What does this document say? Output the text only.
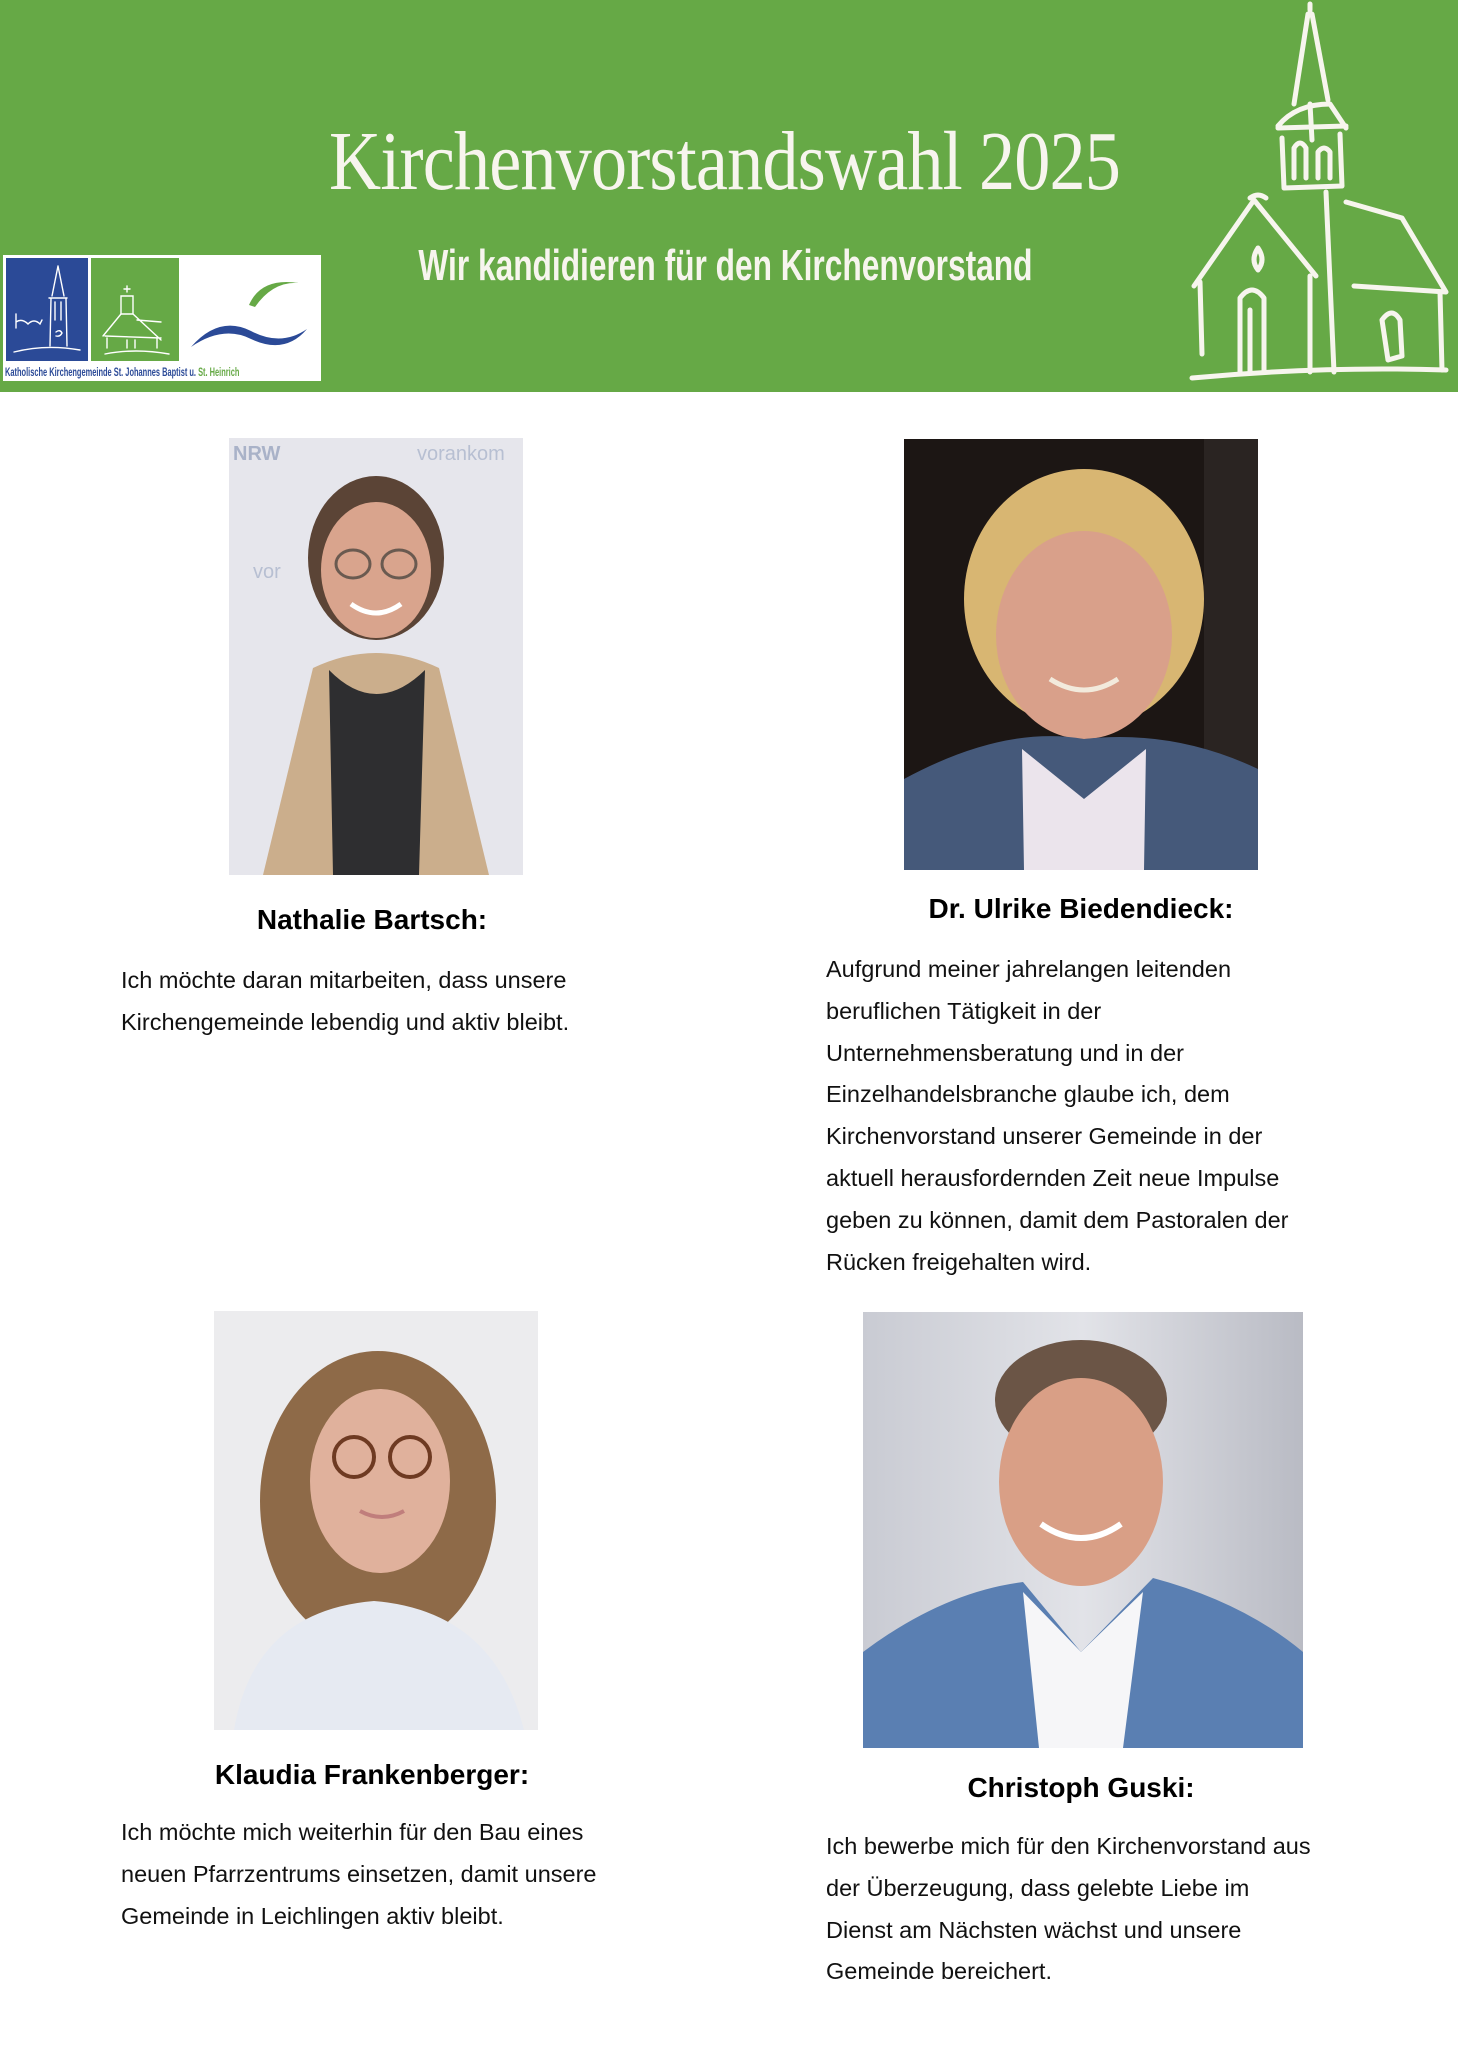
Kirchenvorstandswahl 2025
Wir kandidieren für den Kirchenvorstand
Katholische Kirchengemeinde St. Johannes Baptist u. St. Heinrich
NRW	vorankom
vor
Nathalie Bartsch:
Ich möchte daran mitarbeiten, dass unsere
Kirchengemeinde lebendig und aktiv bleibt.
Dr. Ulrike Biedendieck:
Aufgrund meiner jahrelangen leitenden
beruflichen Tätigkeit in der
Unternehmensberatung und in der
Einzelhandelsbranche glaube ich, dem
Kirchenvorstand unserer Gemeinde in der
aktuell herausfordernden Zeit neue Impulse
geben zu können, damit dem Pastoralen der
Rücken freigehalten wird.
Klaudia Frankenberger:
Ich möchte mich weiterhin für den Bau eines
neuen Pfarrzentrums einsetzen, damit unsere
Gemeinde in Leichlingen aktiv bleibt.
Christoph Guski:
Ich bewerbe mich für den Kirchenvorstand aus
der Überzeugung, dass gelebte Liebe im
Dienst am Nächsten wächst und unsere
Gemeinde bereichert.
